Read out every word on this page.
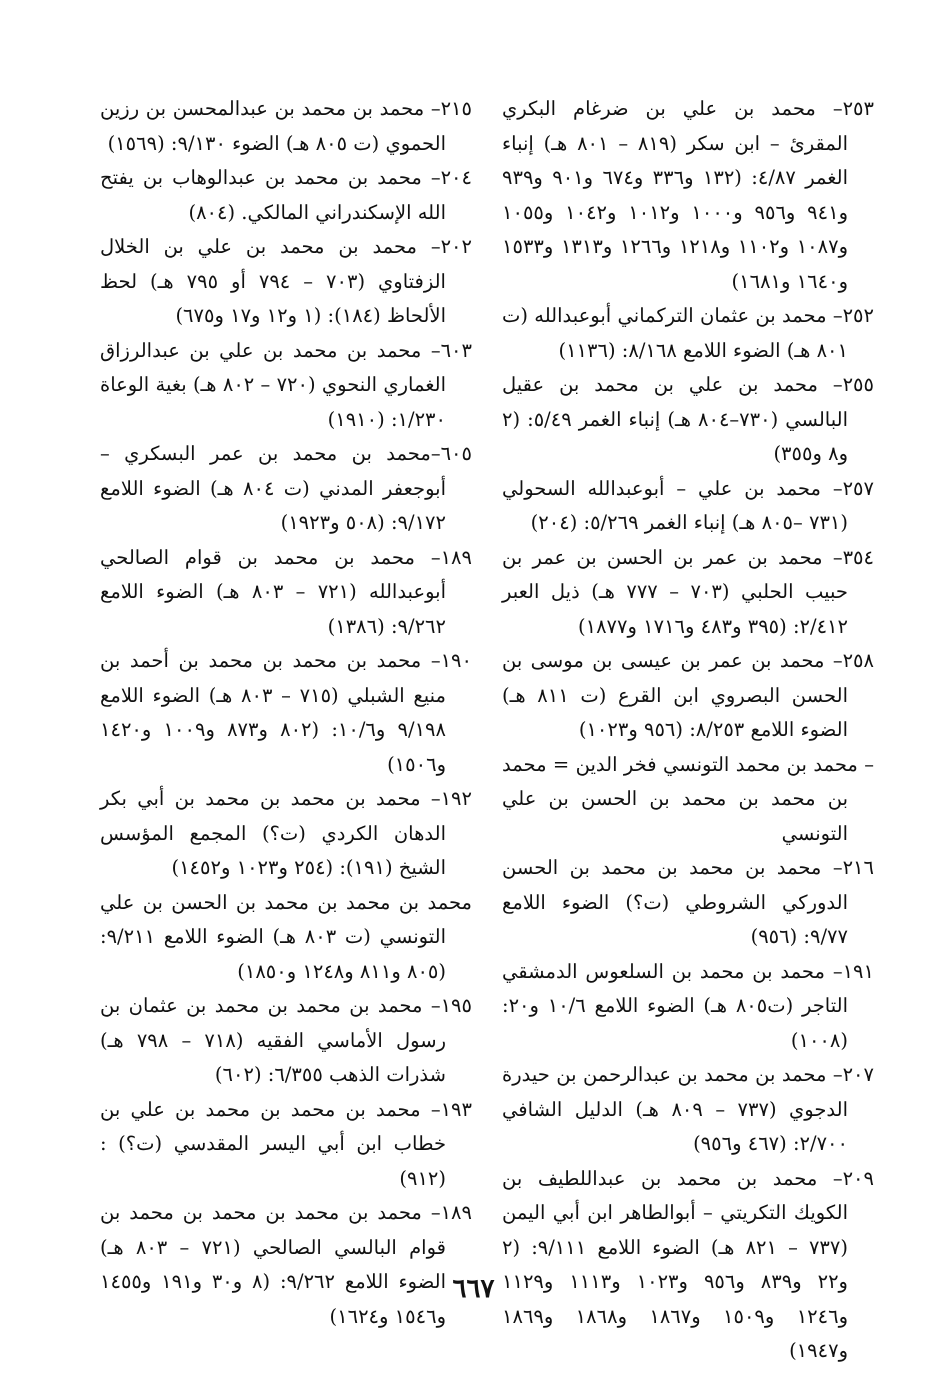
٢٥٣– محمد بن علي بن ضرغام البكري المقرئ – ابن سكر (٨١٩ – ٨٠١ هـ) إنباء الغمر ٤/٨٧: (١٣٢ و٣٣٦ و٦٧٤ و٩٠١ و٩٣٩ و٩٤١ و٩٥٦ و١٠٠٠ و١٠١٢ و١٠٤٢ و١٠٥٥ و١٠٨٧ و١١٠٢ و١٢١٨ و١٢٦٦ و١٣١٣ و١٥٣٣ و١٦٤٠ و١٦٨١)

٢٥٢– محمد بن عثمان التركماني أبوعبدالله (ت ٨٠١ هـ) الضوء اللامع ٨/١٦٨: (١١٣٦)

٢٥٥– محمد بن علي بن محمد بن عقيل البالسي (٧٣٠–٨٠٤ هـ) إنباء الغمر ٥/٤٩: (٢ و٨ و٣٥٥)

٢٥٧– محمد بن علي – أبوعبدالله السحولي (٧٣١ –٨٠٥ هـ) إنباء الغمر ٥/٢٦٩: (٢٠٤)

٣٥٤– محمد بن عمر بن الحسن بن عمر بن حبيب الحلبي (٧٠٣ – ٧٧٧ هـ) ذيل العبر ٢/٤١٢: (٣٩٥ و٤٨٣ و١٧١٦ و١٨٧٧)

٢٥٨– محمد بن عمر بن عيسى بن موسى بن الحسن البصروي ابن القرع (ت ٨١١ هـ) الضوء اللامع ٨/٢٥٣: (٩٥٦ و١٠٢٣)

– محمد بن محمد التونسي فخر الدين = محمد بن محمد بن محمد بن الحسن بن علي التونسي

٢١٦– محمد بن محمد بن محمد بن الحسن الدوركي الشروطي (ت؟) الضوء اللامع ٩/٧٧: (٩٥٦)

١٩١– محمد بن محمد بن السلعوس الدمشقي التاجر (ت٨٠٥ هـ) الضوء اللامع ١٠/٦ و٢٠: (١٠٠٨)

٢٠٧– محمد بن محمد بن عبدالرحمن بن حيدرة الدجوي (٧٣٧ – ٨٠٩ هـ) الدليل الشافي ٢/٧٠٠: (٤٦٧ و٩٥٦)

٢٠٩– محمد بن محمد بن عبداللطيف بن الكويك التكريتي – أبوالطاهر ابن أبي اليمن (٧٣٧ – ٨٢١ هـ) الضوء اللامع ٩/١١١: (٢ و٢٢ و٨٣٩ و٩٥٦ و١٠٢٣ و١١١٣ و١١٢٩ و١٢٤٦ و١٥٠٩ و١٨٦٧ و١٨٦٨ و١٨٦٩ و١٩٤٧)

٢١٥– محمد بن محمد بن عبدالمحسن بن رزين الحموي (ت ٨٠٥ هـ) الضوء ٩/١٣٠: (١٥٦٩)

٢٠٤– محمد بن محمد بن عبدالوهاب بن يفتح الله الإسكندراني المالكي. (٨٠٤)

٢٠٢– محمد بن محمد بن علي بن الخلال الزفتاوي (٧٠٣ – ٧٩٤ أو ٧٩٥ هـ) لحظ الألحاظ (١٨٤): (١ و١٢ و١٧ و٦٧٥)

٦٠٣– محمد بن محمد بن علي بن عبدالرزاق الغماري النحوي (٧٢٠ – ٨٠٢ هـ) بغية الوعاة ١/٢٣٠: (١٩١٠)

٦٠٥–محمد بن محمد بن عمر البسكري – أبوجعفر المدني (ت ٨٠٤ هـ) الضوء اللامع ٩/١٧٢: (٥٠٨ و١٩٢٣)

١٨٩– محمد بن محمد بن قوام الصالحي أبوعبدالله (٧٢١ – ٨٠٣ هـ) الضوء اللامع ٩/٢٦٢: (١٣٨٦)

١٩٠– محمد بن محمد بن محمد بن أحمد بن منيع الشبلي (٧١٥ – ٨٠٣ هـ) الضوء اللامع ٩/١٩٨ و١٠/٦: (٨٠٢ و٨٧٣ و١٠٠٩ و١٤٢٠ و١٥٠٦)

١٩٢– محمد بن محمد بن محمد بن أبي بكر الدهان الكردي (ت؟) المجمع المؤسس الشيخ (١٩١): (٢٥٤ و١٠٢٣ و١٤٥٢)

محمد بن محمد بن محمد بن الحسن بن علي التونسي (ت ٨٠٣ هـ) الضوء اللامع ٩/٢١١: (٨٠٥ و٨١١ و١٢٤٨ و١٨٥٠)

١٩٥– محمد بن محمد بن محمد بن عثمان بن رسول الأماسي الفقيه (٧١٨ – ٧٩٨ هـ) شذرات الذهب ٦/٣٥٥: (٦٠٢)

١٩٣– محمد بن محمد بن محمد بن علي بن خطاب ابن أبي اليسر المقدسي (ت؟) : (٩١٢)

١٨٩– محمد بن محمد بن محمد بن محمد بن قوام البالسي الصالحي (٧٢١ – ٨٠٣ هـ) الضوء اللامع ٩/٢٦٢: (٨ و٣٠ و١٩١ و١٤٥٥ و١٥٤٦ و١٦٢٤)

٦٦٧
